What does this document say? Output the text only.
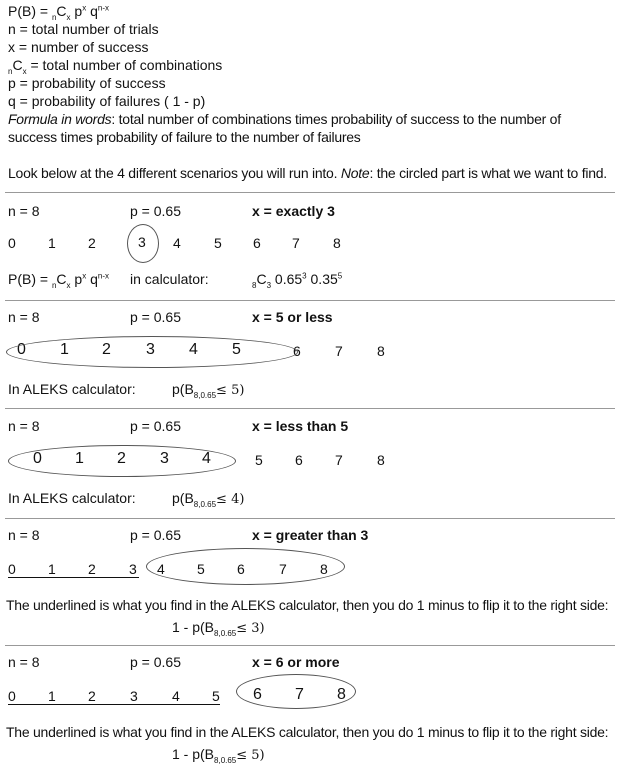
$P(B) = _nC_x$ $p^x$ $q^{n-x}$
n = total number of trials
x = number of success
$_nC_x$ = total number of combinations
p = probability of success
q = probability of failures ( 1 - p)
Formula in words: total number of combinations times probability of success to the number of
success times probability of failure to the number of failures
Look below at the 4 different scenarios you will run into. Note: the circled part is what we want to find.
n = 8	p = 0.65	x = exactly 3
0 1 2	3 4 5 6 7 8
$P(B) = _nC_x$ $p^x$ $q^{n-x}$ in calculator:	$_8C_3$ 0.65$^3$ 0.35$^5$
n = 8	p = 0.65	x = 5 or less
0 1 2 3 4 5	6 7 8
In ALEKS calculator:	$p(B_{8,0.65}\le 5)$
n = 8	p = 0.65	x = less than 5
0 1 2 3 4	5 6 7 8
In ALEKS calculator:	$p(B_{8,0.65}\le 4)$
n = 8	p = 0.65	x = greater than 3
0 1 2 3 4 5 6 7 8
The underlined is what you find in the ALEKS calculator, then you do 1 minus to flip it to the right side:
$1 - p(B_{8,0.65}\le 3)$
n = 8	p = 0.65	x = 6 or more
0 1 2 3 4 5 6 7 8
The underlined is what you find in the ALEKS calculator, then you do 1 minus to flip it to the right side:
$1 - p(B_{8,0.65}\le 5)$
